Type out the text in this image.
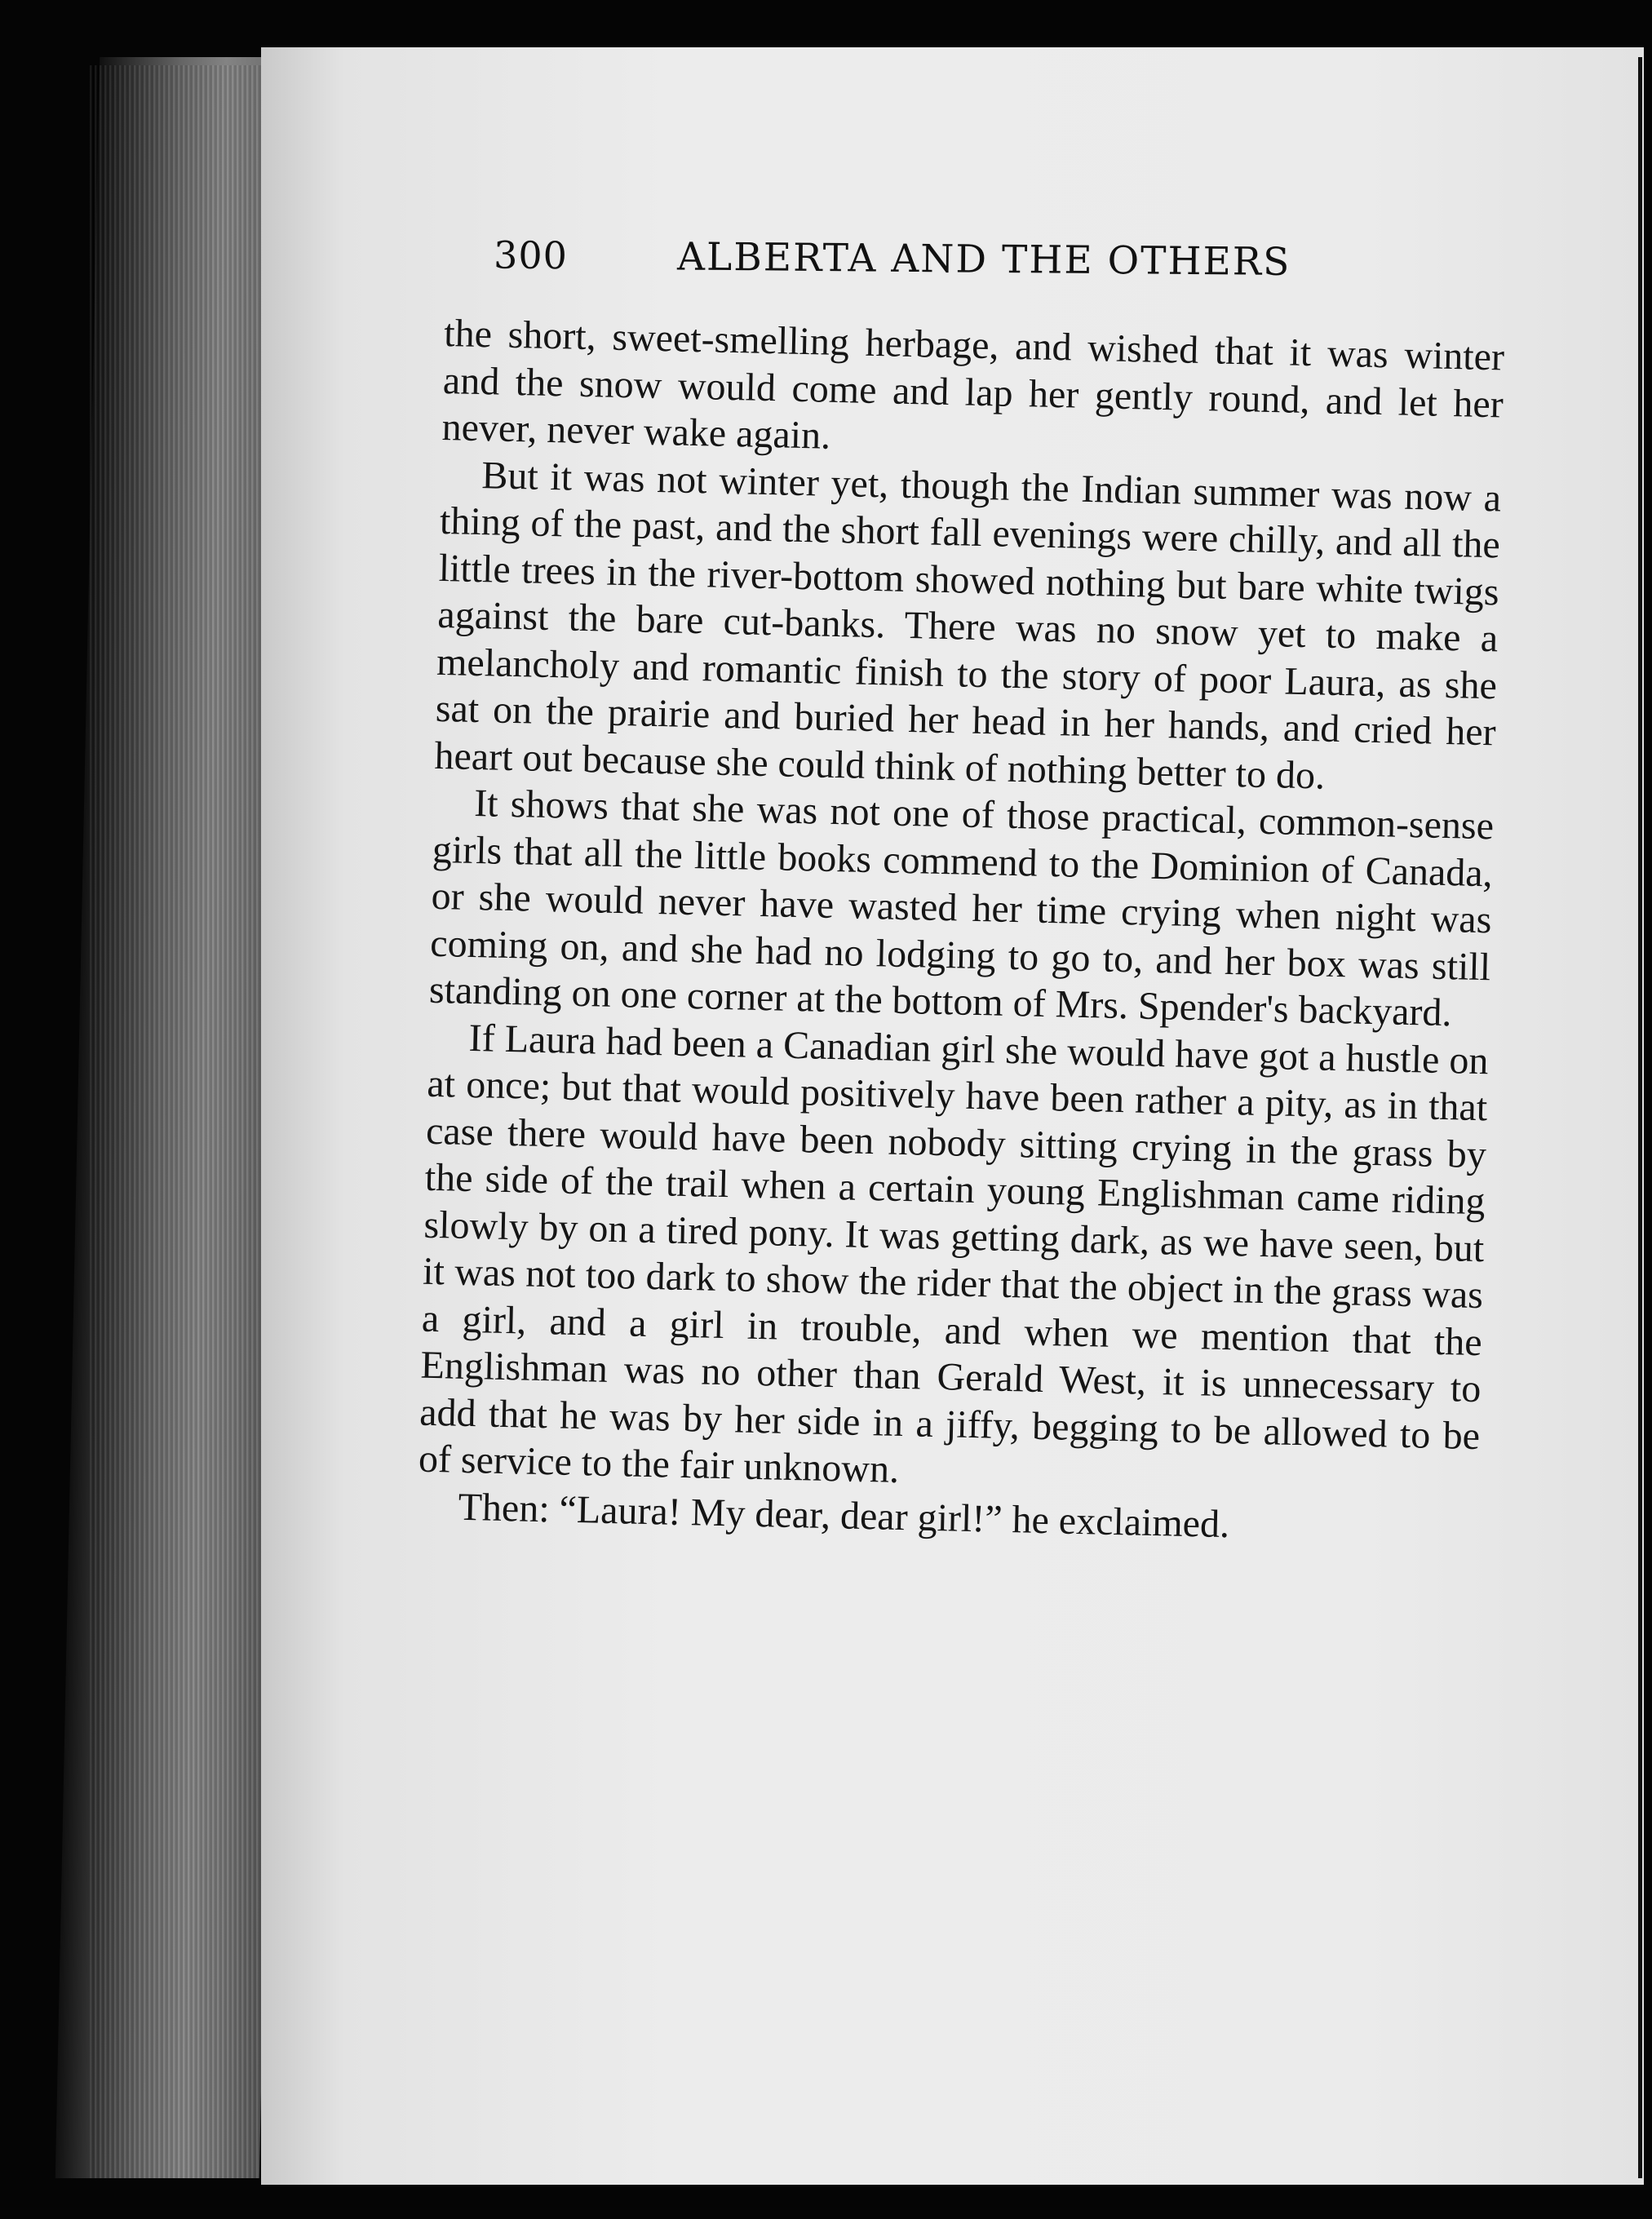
300	ALBERTA AND THE OTHERS

the short, sweet-smelling herbage, and wished that it was winter and the snow would come and lap her gently round, and let her never, never wake again.

But it was not winter yet, though the Indian summer was now a thing of the past, and the short fall evenings were chilly, and all the little trees in the river-bottom showed nothing but bare white twigs against the bare cut-banks. There was no snow yet to make a melancholy and romantic finish to the story of poor Laura, as she sat on the prairie and buried her head in her hands, and cried her heart out because she could think of nothing better to do.

It shows that she was not one of those practical, common-sense girls that all the little books commend to the Dominion of Canada, or she would never have wasted her time crying when night was coming on, and she had no lodging to go to, and her box was still standing on one corner at the bottom of Mrs. Spender's backyard.

If Laura had been a Canadian girl she would have got a hustle on at once; but that would positively have been rather a pity, as in that case there would have been nobody sitting crying in the grass by the side of the trail when a certain young Englishman came riding slowly by on a tired pony. It was getting dark, as we have seen, but it was not too dark to show the rider that the object in the grass was a girl, and a girl in trouble, and when we mention that the Englishman was no other than Gerald West, it is unnecessary to add that he was by her side in a jiffy, begging to be allowed to be of service to the fair unknown.

Then: “Laura! My dear, dear girl!” he exclaimed.
